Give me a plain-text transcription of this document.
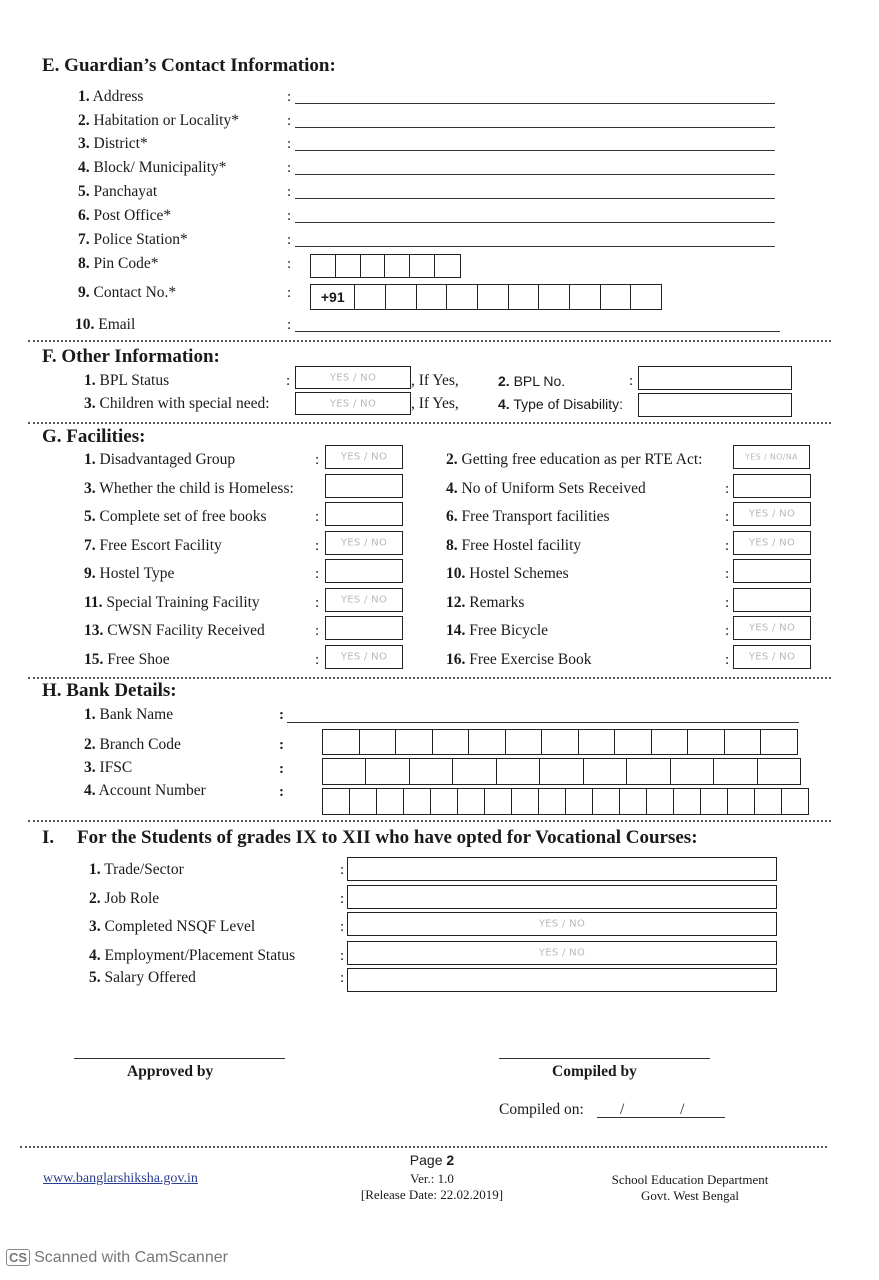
E. Guardian’s Contact Information:
1. Address	:
2. Habitation or Locality*	:
3. District*	:
4. Block/ Municipality*	:
5. Panchayat	:
6. Post Office*	:
7. Police Station*	:
8. Pin Code*	:
9. Contact No.*	:
10. Email	:
+91
F. Other Information:
1. BPL Status	:	YES / NO	, If Yes,	2. BPL No.	:
3. Children with special need:	YES / NO	, If Yes,	4. Type of Disability:
G. Facilities:
1. Disadvantaged Group	:	YES / NO	2. Getting free education as per RTE Act:	YES / NO/NA
3. Whether the child is Homeless:	4. No of Uniform Sets Received	:
5. Complete set of free books	:	6. Free Transport facilities	:	YES / NO
7. Free Escort Facility	:	YES / NO	8. Free Hostel facility	:	YES / NO
9. Hostel Type	:	10. Hostel Schemes	:
11. Special Training Facility	:	YES / NO	12. Remarks	:
13. CWSN Facility Received	:	14. Free Bicycle	:	YES / NO
15. Free Shoe	:	YES / NO	16. Free Exercise Book	:	YES / NO
H. Bank Details:
1. Bank Name	:
2. Branch Code	:
3. IFSC	:
4. Account Number	:
I. For the Students of grades IX to XII who have opted for Vocational Courses:
1. Trade/Sector	:
2. Job Role	:
3. Completed NSQF Level	:	YES / NO
4. Employment/Placement Status	:	YES / NO
5. Salary Offered	:
Approved by	Compiled by
Compiled on: / /
www.banglarshiksha.gov.in
Page 2
Ver.: 1.0
[Release Date: 22.02.2019]
School Education Department
Govt. West Bengal
CS Scanned with CamScanner
